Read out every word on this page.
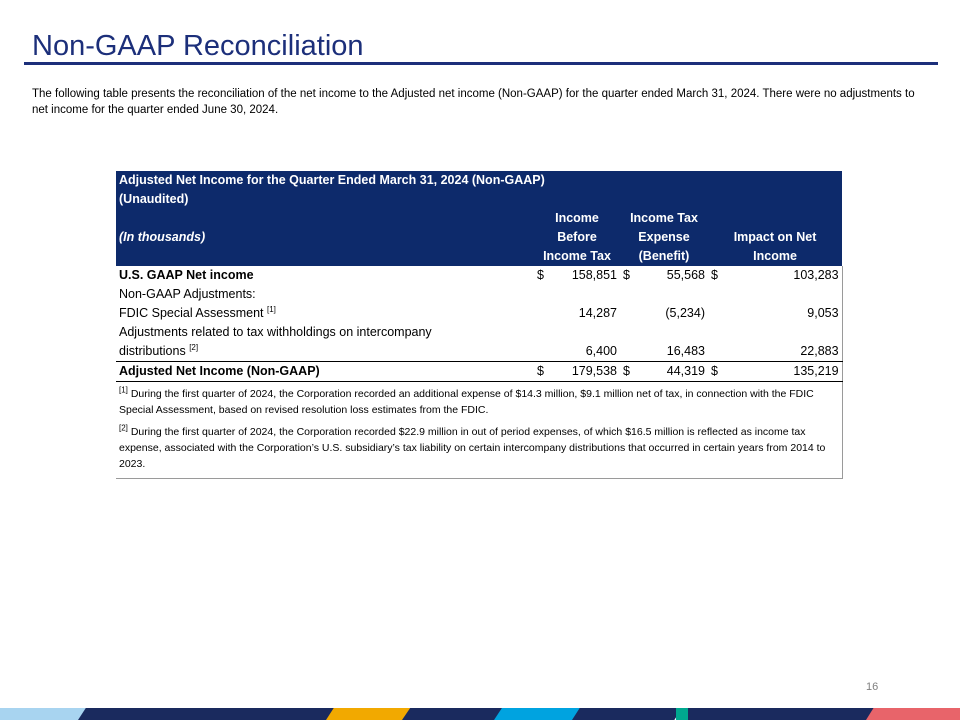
Non-GAAP Reconciliation

The following table presents the reconciliation of the net income to the Adjusted net income (Non-GAAP) for the quarter ended March 31, 2024. There were no adjustments to net income for the quarter ended June 30, 2024.

Adjusted Net Income for the Quarter Ended March 31, 2024 (Non-GAAP)						
(Unaudited)						
	Income		Income Tax			
(In thousands)	Before		Expense		Impact on Net	
	Income Tax		(Benefit)		Income	
U.S. GAAP Net income	$	158,851	$	55,568	$	103,283
Non-GAAP Adjustments:						
FDIC Special Assessment [1]		14,287		(5,234)		9,053
Adjustments related to tax withholdings on intercompany						
distributions [2]		6,400		16,483		22,883
Adjusted Net Income (Non-GAAP)	$	179,538	$	44,319	$	135,219
[1] During the first quarter of 2024, the Corporation recorded an additional expense of $14.3 million, $9.1 million net of tax, in connection with the FDIC Special Assessment, based on revised resolution loss estimates from the FDIC.						
[2] During the first quarter of 2024, the Corporation recorded $22.9 million in out of period expenses, of which $16.5 million is reflected as income tax expense, associated with the Corporation’s U.S. subsidiary’s tax liability on certain intercompany distributions that occurred in certain years from 2014 to 2023.						
16
